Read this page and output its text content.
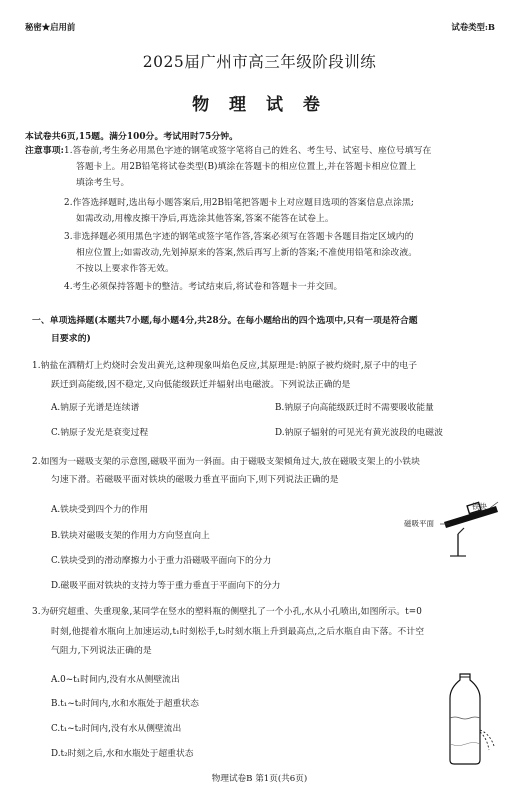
秘密★启用前	试卷类型:B
2025届广州市高三年级阶段训练
物 理 试 卷
本试卷共6页,15题。满分100分。考试用时75分钟。
注意事项: 1.答卷前,考生务必用黑色字迹的钢笔或签字笔将自己的姓名、考生号、试室号、座位号填写在
答题卡上。用2B铅笔将试卷类型(B)填涂在答题卡的相应位置上,并在答题卡相应位置上
填涂考生号。
2.作答选择题时,选出每小题答案后,用2B铅笔把答题卡上对应题目选项的答案信息点涂黑;
如需改动,用橡皮擦干净后,再选涂其他答案,答案不能答在试卷上。
3.非选择题必须用黑色字迹的钢笔或签字笔作答,答案必须写在答题卡各题目指定区域内的
相应位置上;如需改动,先划掉原来的答案,然后再写上新的答案;不准使用铅笔和涂改液。
不按以上要求作答无效。
4.考生必须保持答题卡的整洁。考试结束后,将试卷和答题卡一并交回。
一、单项选择题(本题共7小题,每小题4分,共28分。在每小题给出的四个选项中,只有一项是符合题
目要求的)
1.钠盐在酒精灯上灼烧时会发出黄光,这种现象叫焰色反应,其原理是:钠原子被灼烧时,原子中的电子
跃迁到高能级,因不稳定,又向低能级跃迁并辐射出电磁波。下列说法正确的是
A.钠原子光谱是连续谱	B.钠原子向高能级跃迁时不需要吸收能量
C.钠原子发光是衰变过程	D.钠原子辐射的可见光有黄光波段的电磁波
2.如图为一磁吸支架的示意图,磁吸平面为一斜面。由于磁吸支架倾角过大,放在磁吸支架上的小铁块
匀速下滑。若磁吸平面对铁块的磁吸力垂直平面向下,则下列说法正确的是
A.铁块受到四个力的作用
B.铁块对磁吸支架的作用力方向竖直向上
C.铁块受到的滑动摩擦力小于重力沿磁吸平面向下的分力
D.磁吸平面对铁块的支持力等于重力垂直于平面向下的分力
铁块
磁吸平面
3.为研究超重、失重现象,某同学在竖水的塑料瓶的侧壁扎了一个小孔,水从小孔喷出,如图所示。t=0
时刻,他提着水瓶向上加速运动,t₁时刻松手,t₂时刻水瓶上升到最高点,之后水瓶自由下落。不计空
气阻力,下列说法正确的是
A.0~t₁时间内,没有水从侧壁流出
B.t₁~t₂时间内,水和水瓶处于超重状态
C.t₁~t₂时间内,没有水从侧壁流出
D.t₂时刻之后,水和水瓶处于超重状态
物理试卷B 第1页(共6页)
